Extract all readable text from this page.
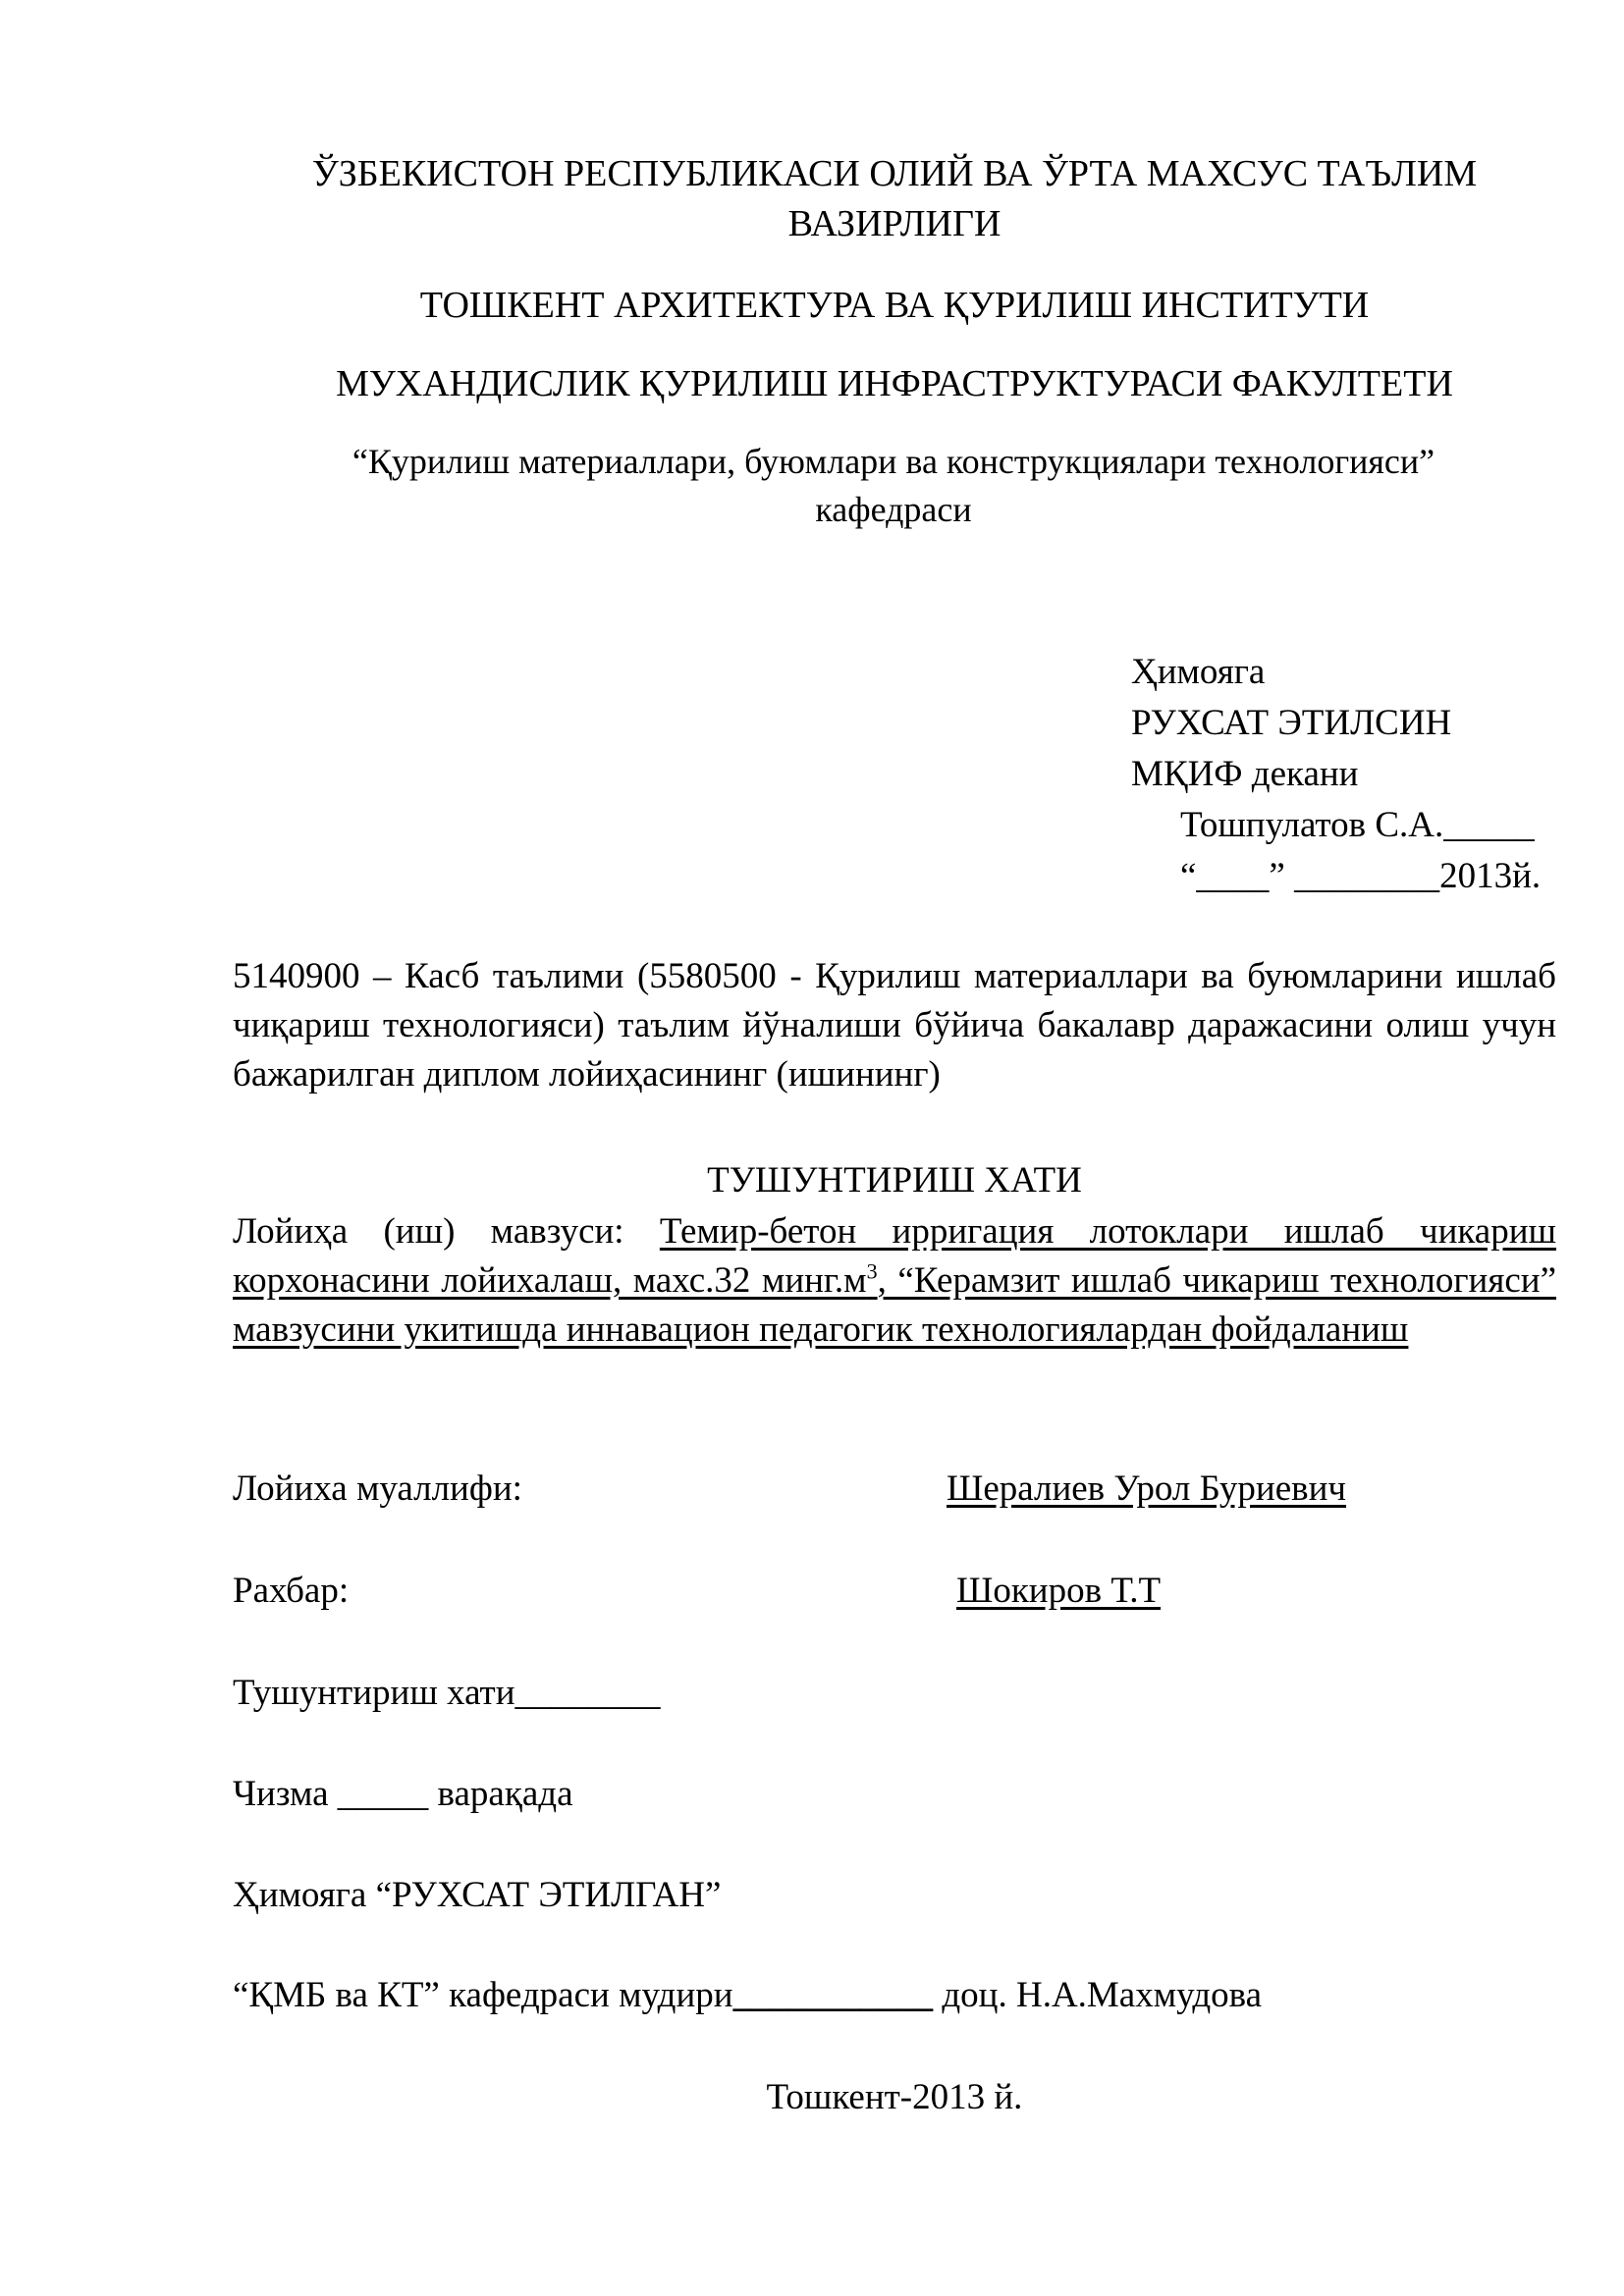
ЎЗБЕКИСТОН РЕСПУБЛИКАСИ ОЛИЙ ВА ЎРТА МАХСУС ТАЪЛИМ ВАЗИРЛИГИ
ТОШКЕНТ АРХИТЕКТУРА ВА ҚУРИЛИШ ИНСТИТУТИ
МУХАНДИСЛИК ҚУРИЛИШ ИНФРАСТРУКТУРАСИ ФАКУЛТЕТИ
“Қурилиш материаллари, буюмлари ва конструкциялари технологияси” кафедраси
Ҳимояга
РУХСАТ ЭТИЛСИН
МҚИФ декани
Тошпулатов С.А._____
“____” ________2013й.
5140900 – Касб таълими (5580500 - Қурилиш материаллари ва буюмларини ишлаб чиқариш технологияси) таълим йўналиши бўйича бакалавр даражасини олиш учун бажарилган диплом лойиҳасининг (ишининг)
ТУШУНТИРИШ ХАТИ
Лойиҳа (иш) мавзуси: Темир-бетон ирригация лотоклари ишлаб чикариш корхонасини лойихалаш, махс.32 $минг.м^3$, “Керамзит ишлаб чикариш технологияси” мавзусини укитишда иннавацион педагогик технологиялардан фойдаланиш
Лойиха муаллифи:	Шералиев Урол Буриевич
Рахбар:	Шокиров Т.Т
Тушунтириш хати________
Чизма _____ варақада
Ҳимояга “РУХСАТ ЭТИЛГАН”
“ҚМБ ва КТ” кафедраси мудири___________ доц. Н.А.Махмудова
Тошкент-2013 й.
